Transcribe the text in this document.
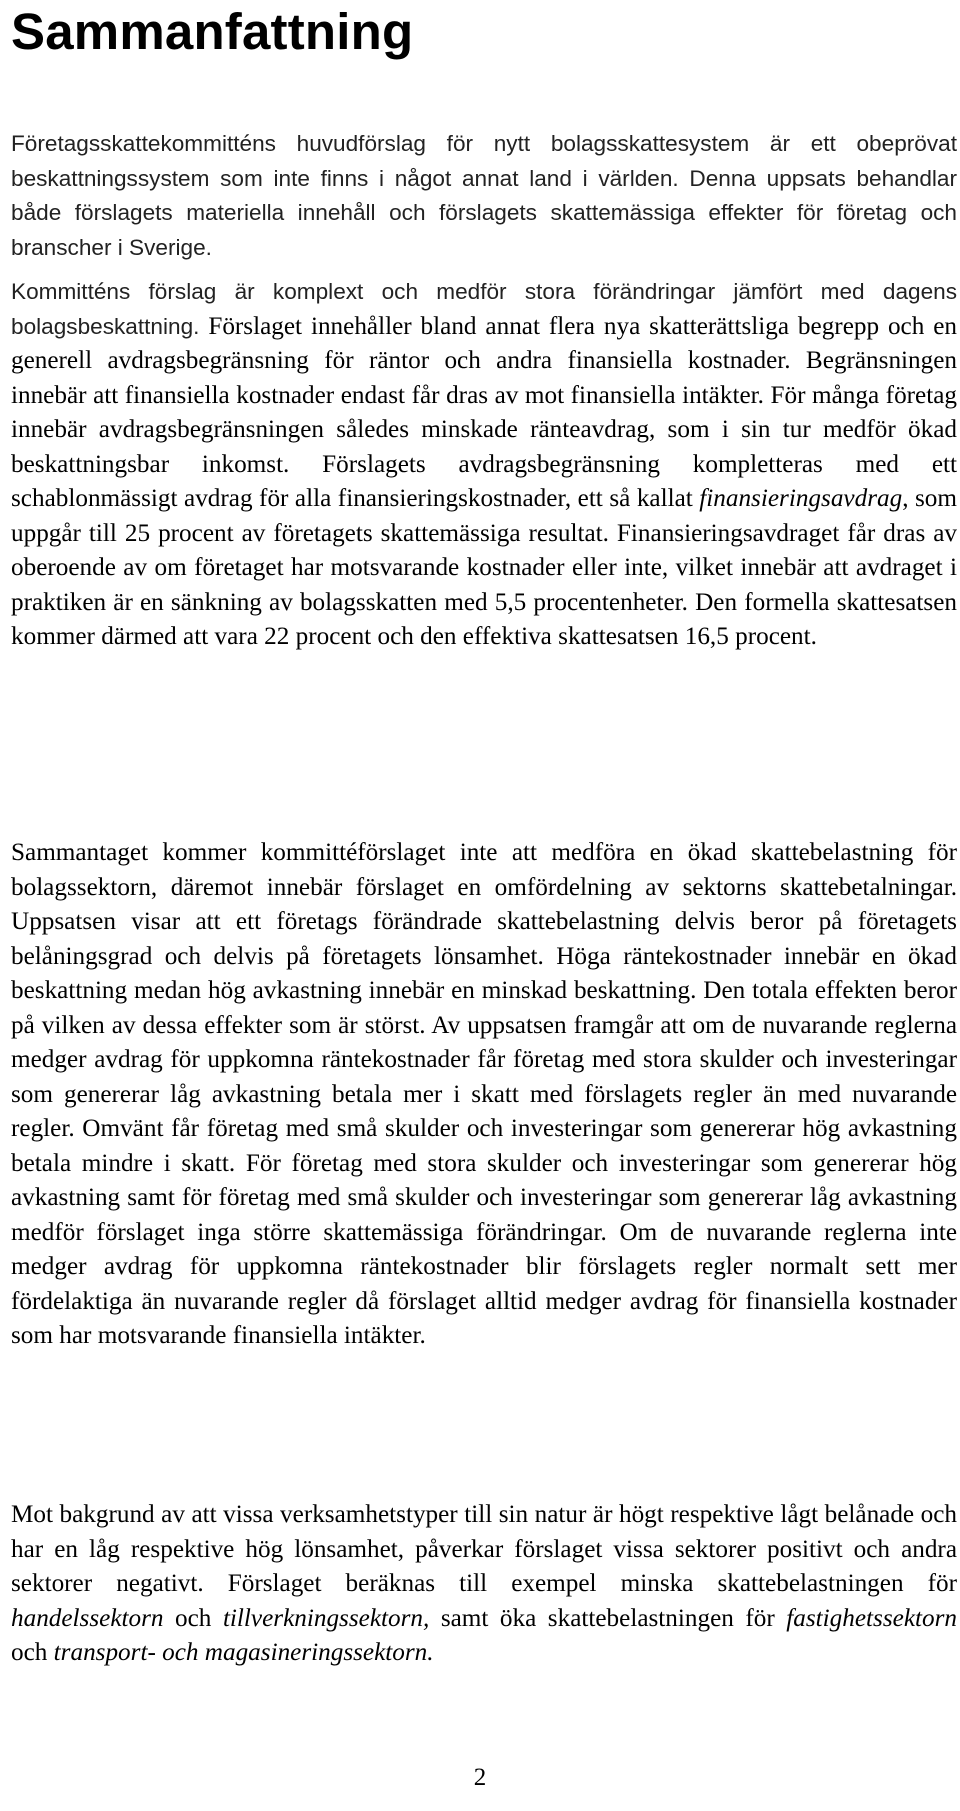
Sammanfattning

Företagsskattekommitténs huvudförslag för nytt bolagsskattesystem är ett obeprövat beskattningssystem som inte finns i något annat land i världen. Denna uppsats behandlar både förslagets materiella innehåll och förslagets skattemässiga effekter för företag och branscher i Sverige.

Kommitténs förslag är komplext och medför stora förändringar jämfört med dagens bolagsbeskattning. Förslaget innehåller bland annat flera nya skatterättsliga begrepp och en generell avdragsbegränsning för räntor och andra finansiella kostnader. Begränsningen innebär att finansiella kostnader endast får dras av mot finansiella intäkter. För många företag innebär avdragsbegränsningen således minskade ränteavdrag, som i sin tur medför ökad beskattningsbar inkomst. Förslagets avdragsbegränsning kompletteras med ett schablonmässigt avdrag för alla finansieringskostnader, ett så kallat finansieringsavdrag, som uppgår till 25 procent av företagets skattemässiga resultat. Finansieringsavdraget får dras av oberoende av om företaget har motsvarande kostnader eller inte, vilket innebär att avdraget i praktiken är en sänkning av bolagsskatten med 5,5 procentenheter. Den formella skattesatsen kommer därmed att vara 22 procent och den effektiva skattesatsen 16,5 procent.

Sammantaget kommer kommittéförslaget inte att medföra en ökad skattebelastning för bolagssektorn, däremot innebär förslaget en omfördelning av sektorns skattebetalningar. Uppsatsen visar att ett företags förändrade skattebelastning delvis beror på företagets belåningsgrad och delvis på företagets lönsamhet. Höga räntekostnader innebär en ökad beskattning medan hög avkastning innebär en minskad beskattning. Den totala effekten beror på vilken av dessa effekter som är störst. Av uppsatsen framgår att om de nuvarande reglerna medger avdrag för uppkomna räntekostnader får företag med stora skulder och investeringar som genererar låg avkastning betala mer i skatt med förslagets regler än med nuvarande regler. Omvänt får företag med små skulder och investeringar som genererar hög avkastning betala mindre i skatt. För företag med stora skulder och investeringar som genererar hög avkastning samt för företag med små skulder och investeringar som genererar låg avkastning medför förslaget inga större skattemässiga förändringar. Om de nuvarande reglerna inte medger avdrag för uppkomna räntekostnader blir förslagets regler normalt sett mer fördelaktiga än nuvarande regler då förslaget alltid medger avdrag för finansiella kostnader som har motsvarande finansiella intäkter.

Mot bakgrund av att vissa verksamhetstyper till sin natur är högt respektive lågt belånade och har en låg respektive hög lönsamhet, påverkar förslaget vissa sektorer positivt och andra sektorer negativt. Förslaget beräknas till exempel minska skattebelastningen för handelssektorn och tillverkningssektorn, samt öka skattebelastningen för fastighetssektorn och transport- och magasineringssektorn.

2
